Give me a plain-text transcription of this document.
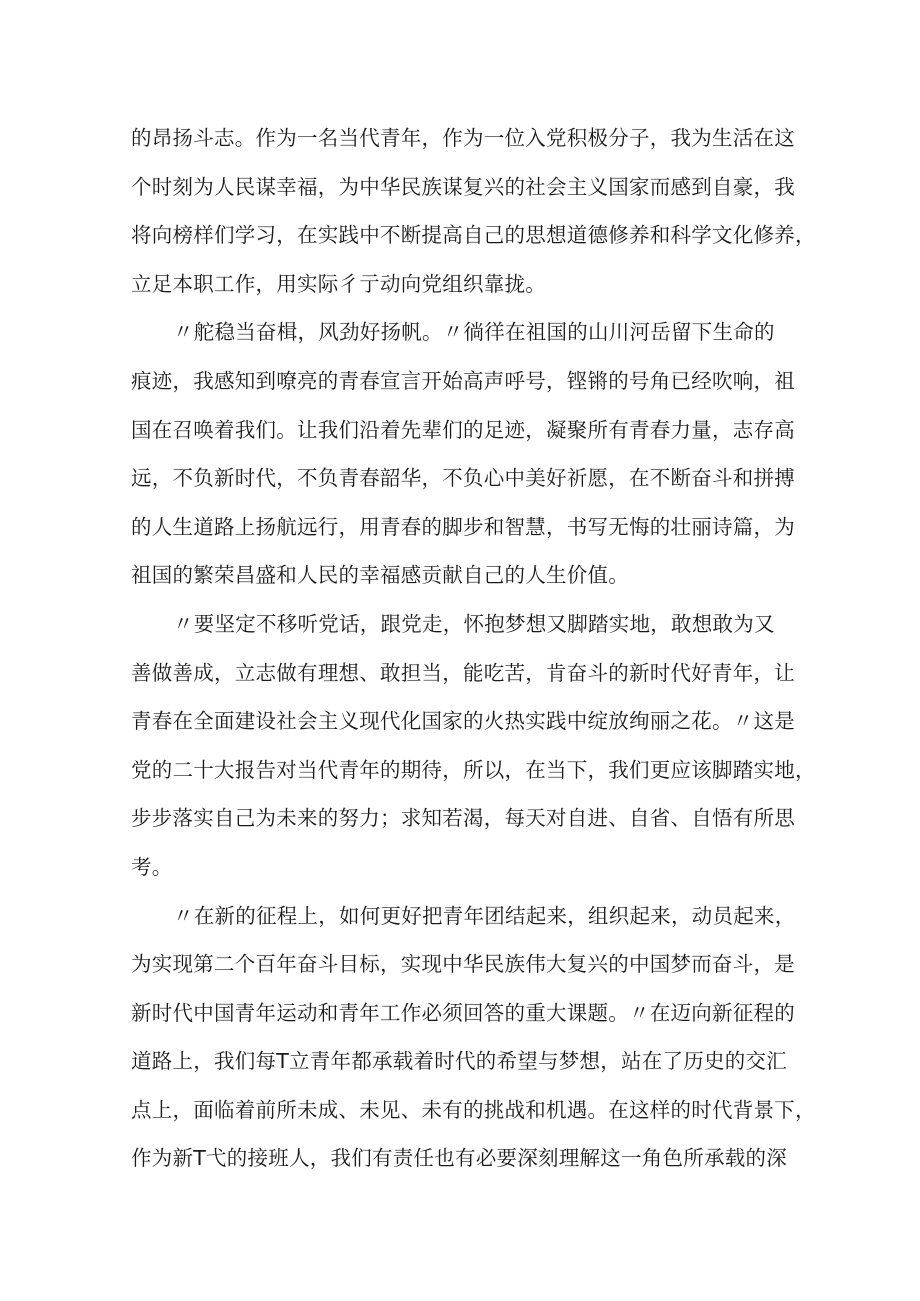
的昂扬斗志。作为一名当代青年，作为一位入党积极分子，我为生活在这
个时刻为人民谋幸福，为中华民族谋复兴的社会主义国家而感到自豪，我
将向榜样们学习，在实践中不断提高自己的思想道德修养和科学文化修养，
立足本职工作，用实际彳亍动向党组织靠拢。

〃舵稳当奋楫，风劲好扬帆。〃徜徉在祖国的山川河岳留下生命的
痕迹，我感知到嘹亮的青春宣言开始高声呼号，铿锵的号角已经吹响，祖
国在召唤着我们。让我们沿着先辈们的足迹，凝聚所有青春力量，志存高
远，不负新时代，不负青春韶华，不负心中美好祈愿，在不断奋斗和拼搏
的人生道路上扬航远行，用青春的脚步和智慧，书写无悔的壮丽诗篇，为
祖国的繁荣昌盛和人民的幸福感贡献自己的人生价值。

〃要坚定不移听党话，跟党走，怀抱梦想又脚踏实地，敢想敢为又
善做善成，立志做有理想、敢担当，能吃苦，肯奋斗的新时代好青年，让
青春在全面建设社会主义现代化国家的火热实践中绽放绚丽之花。〃这是
党的二十大报告对当代青年的期待，所以，在当下，我们更应该脚踏实地，
步步落实自己为未来的努力；求知若渴，每天对自进、自省、自悟有所思
考。

〃在新的征程上，如何更好把青年团结起来，组织起来，动员起来，
为实现第二个百年奋斗目标，实现中华民族伟大复兴的中国梦而奋斗，是
新时代中国青年运动和青年工作必须回答的重大课题。〃在迈向新征程的
道路上，我们每T立青年都承载着时代的希望与梦想，站在了历史的交汇
点上，面临着前所未成、未见、未有的挑战和机遇。在这样的时代背景下，
作为新T弋的接班人，我们有责任也有必要深刻理解这一角色所承载的深
